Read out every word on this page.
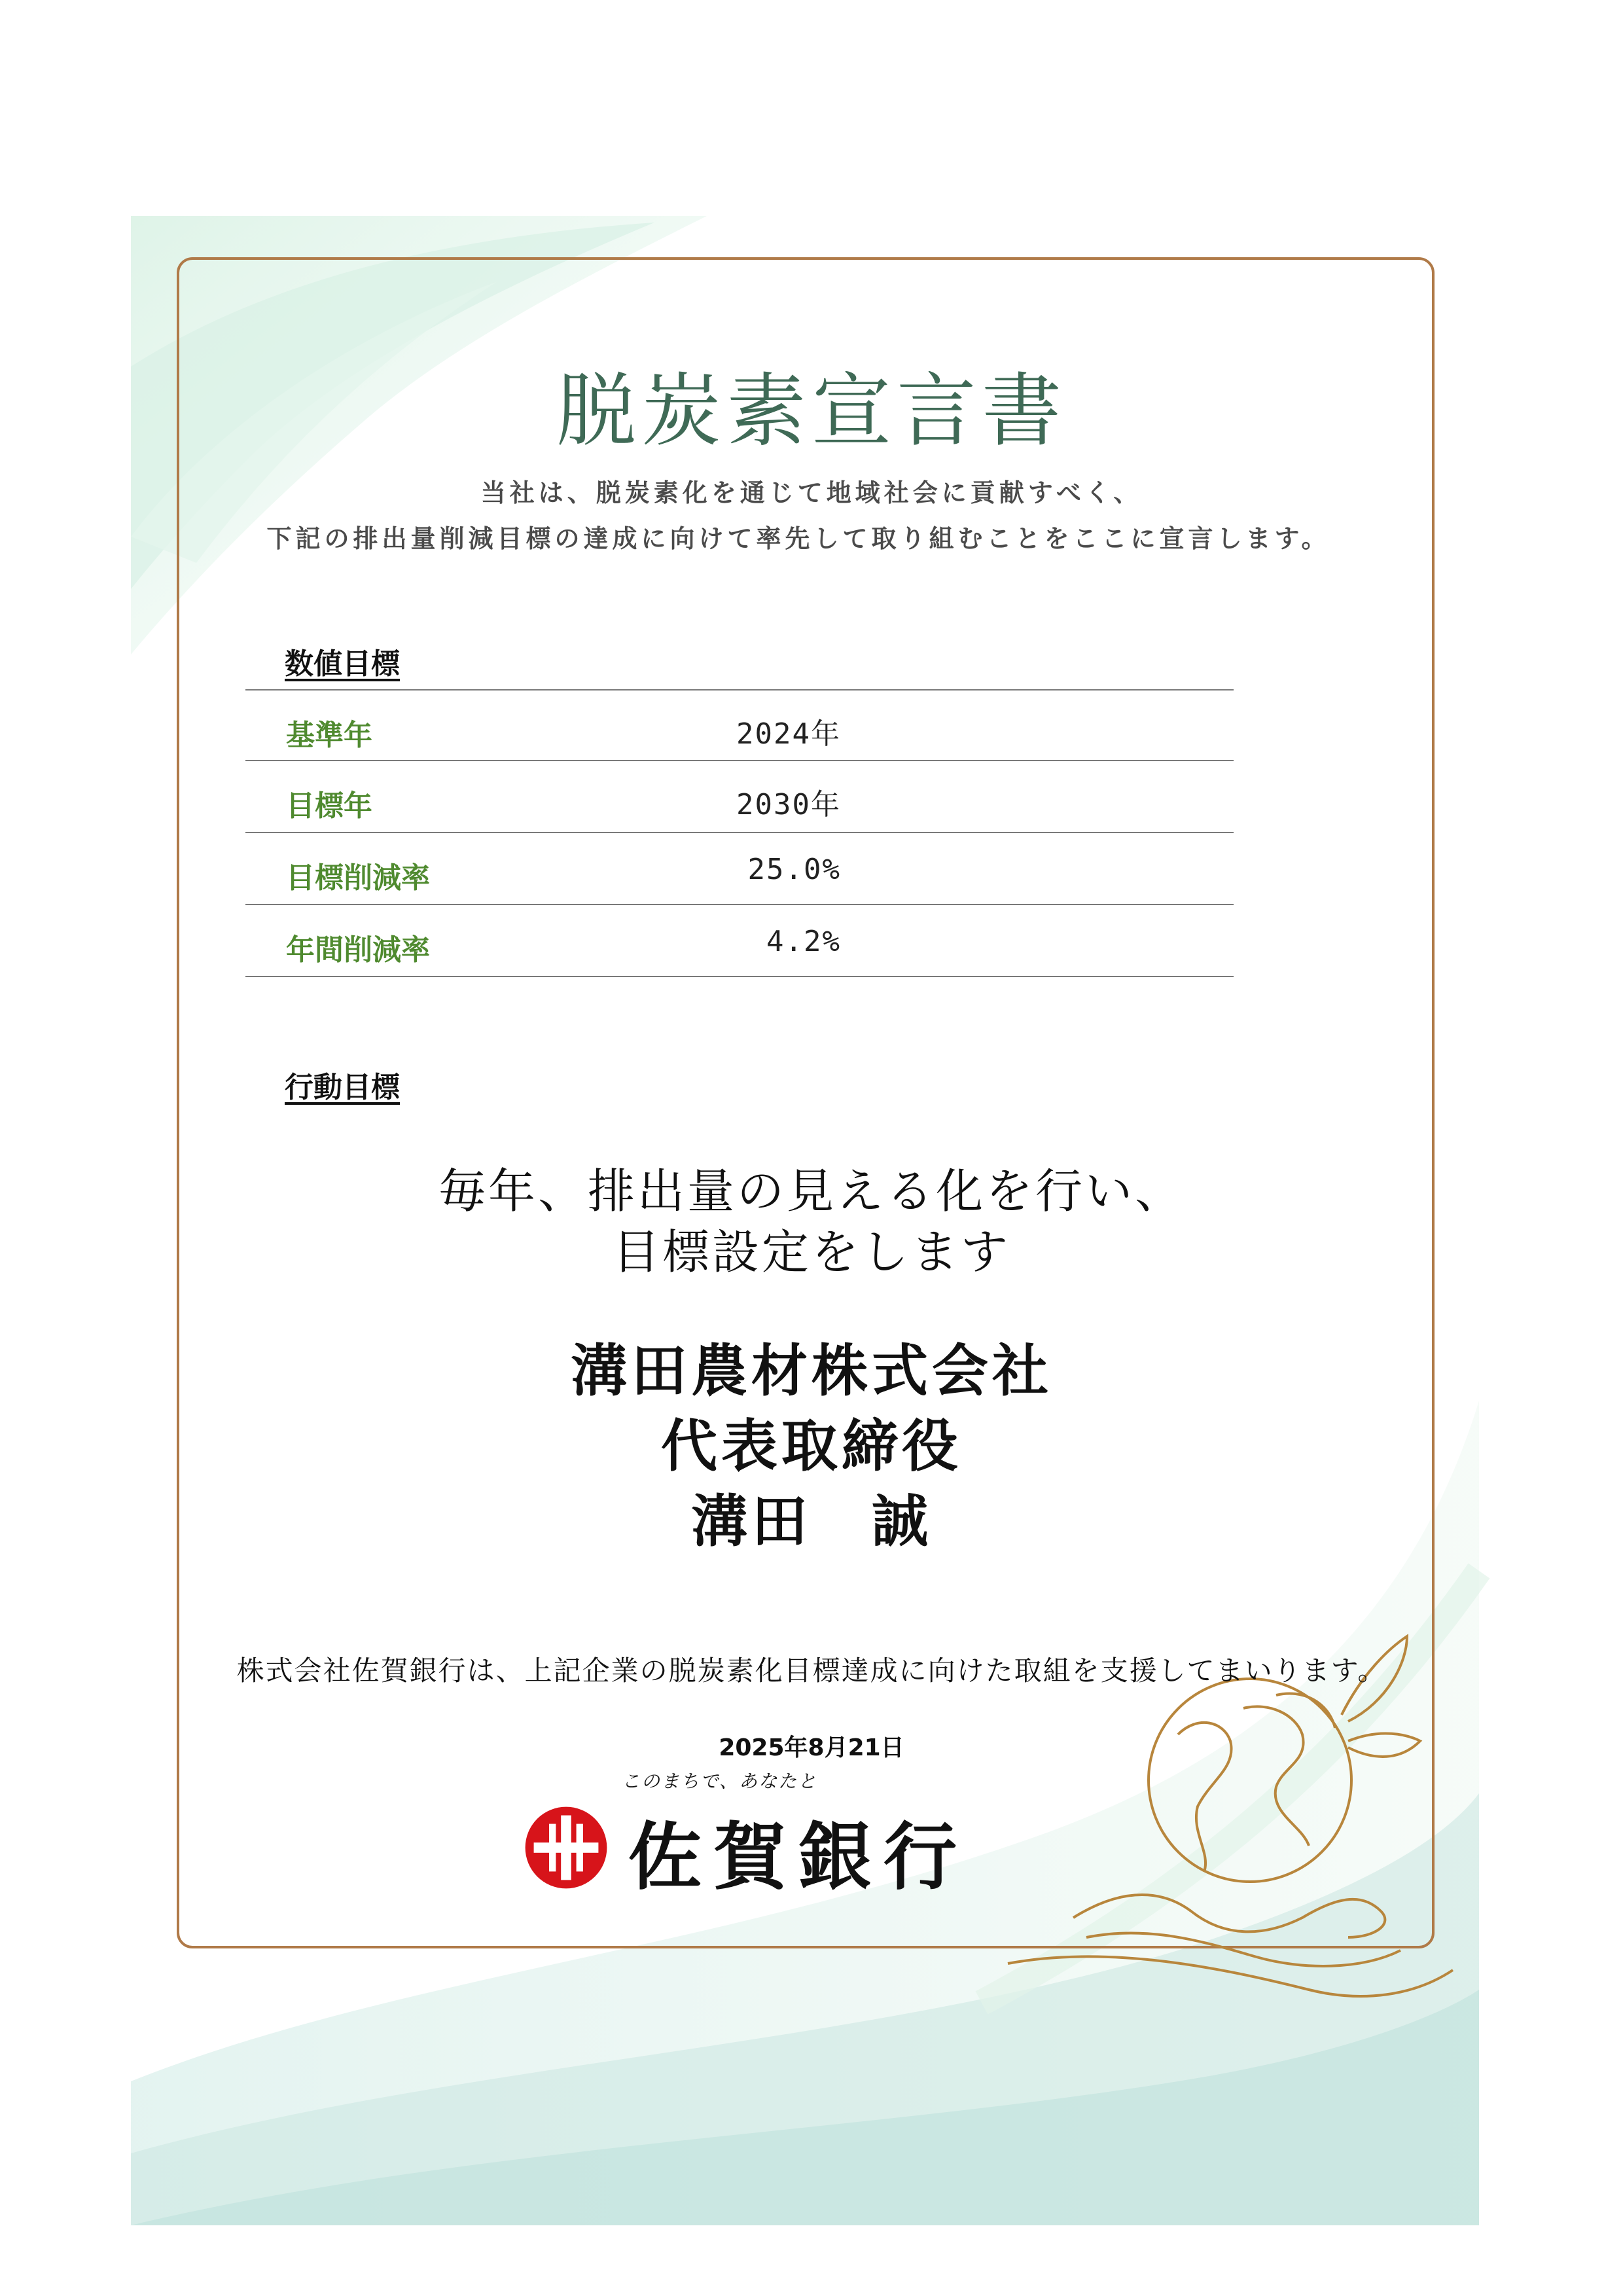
脱炭素宣言書
当社は、脱炭素化を通じて地域社会に貢献すべく、
下記の排出量削減目標の達成に向けて率先して取り組むことをここに宣言します。
数値目標
基準年	2024年
目標年	2030年
目標削減率	25.0%
年間削減率	4.2%
行動目標
毎年、排出量の見える化を行い、
目標設定をします
溝田農材株式会社
代表取締役
溝田　誠
株式会社佐賀銀行は、上記企業の脱炭素化目標達成に向けた取組を支援してまいります。
2025年8月21日
このまちで、あなたと
佐賀銀行
